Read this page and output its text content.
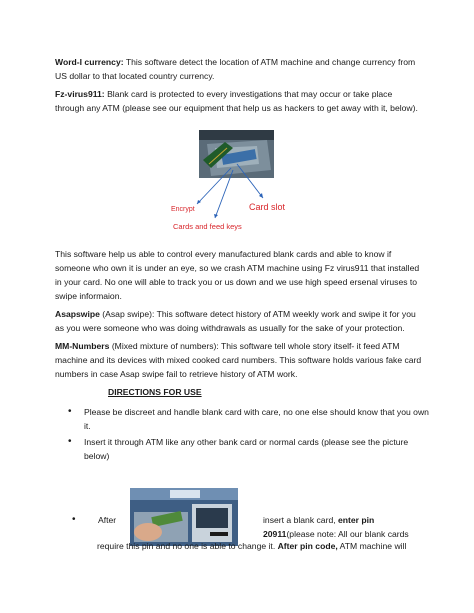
Word-I currency: This software detect the location of ATM machine and change currency from US dollar to that located country currency.

Fz-virus911: Blank card is protected to every investigations that may occur or take place through any ATM (please see our equipment that help us as hackers to get away with it, below).

Encrypt	Card slot
Cards and feed keys

This software help us able to control every manufactured blank cards and able to know if someone who own it is under an eye, so we crash ATM machine using Fz virus911 that installed in your card. No one will able to track you or us down and we use high speed ersenal viruses to swipe informaion.

Asapswipe (Asap swipe): This software detect history of ATM weekly work and swipe it for you as you were someone who was doing withdrawals as usually for the sake of your protection.

MM-Numbers (Mixed mixture of numbers): This software tell whole story itself- it feed ATM machine and its devices with mixed cooked card numbers. This software holds various fake card numbers in case Asap swipe fail to retrieve history of ATM work.

DIRECTIONS FOR USE
• Please be discreet and handle blank card with care, no one else should know that you own it.
• Insert it through ATM like any other bank card or normal cards (please see the picture below)
•	After	insert a blank card, enter pin
20911(please note: All our blank cards
require this pin and no one is able to change it. After pin code, ATM machine will
